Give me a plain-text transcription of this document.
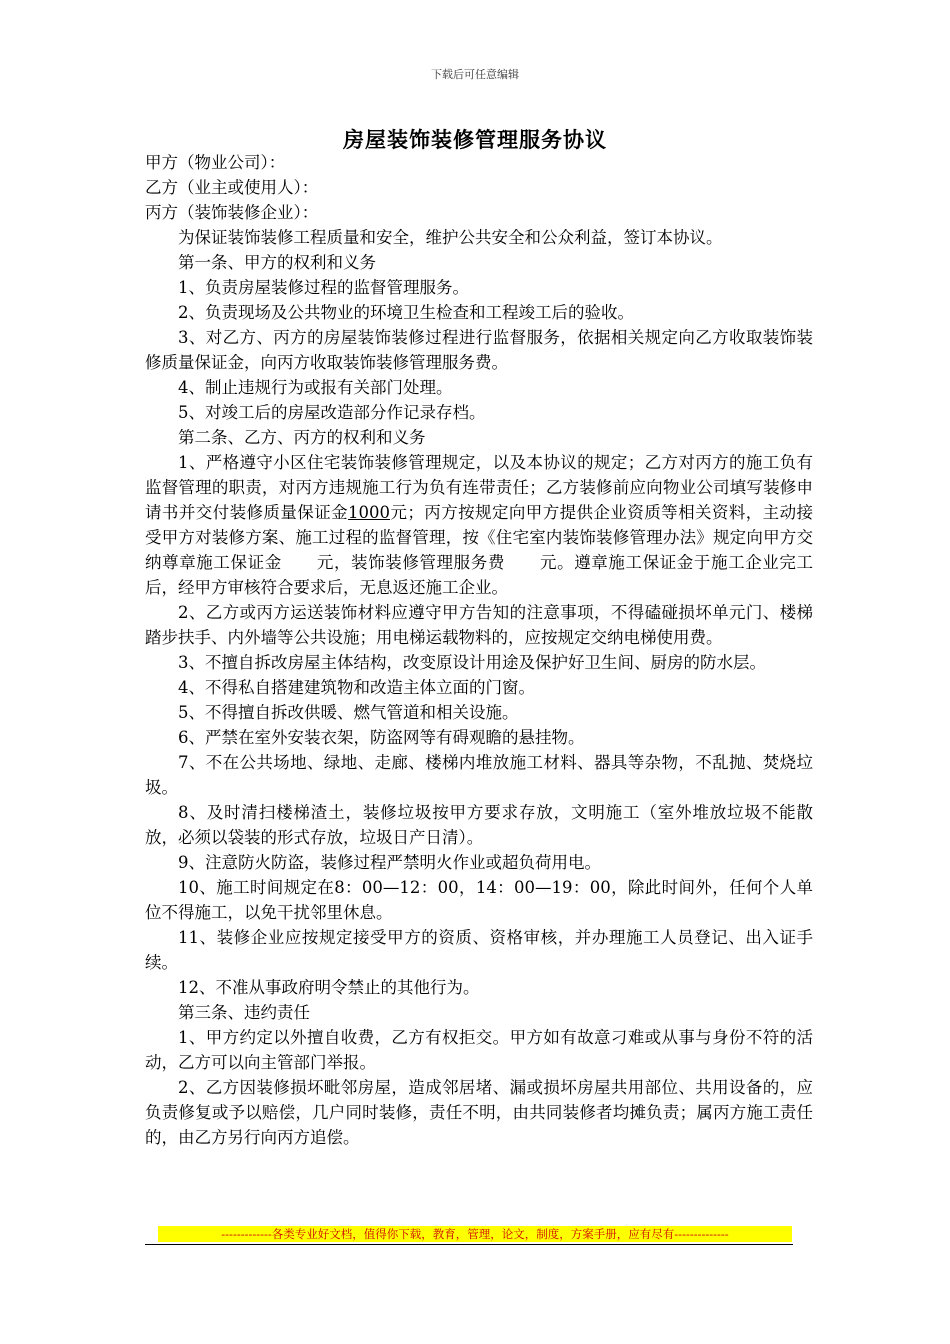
下载后可任意编辑
房屋装饰装修管理服务协议

甲方（物业公司）：

乙方（业主或使用人）：

丙方（装饰装修企业）：

为保证装饰装修工程质量和安全，维护公共安全和公众利益，签订本协议。

第一条、甲方的权利和义务

1、负责房屋装修过程的监督管理服务。

2、负责现场及公共物业的环境卫生检查和工程竣工后的验收。

3、对乙方、丙方的房屋装饰装修过程进行监督服务，依据相关规定向乙方收取装饰装修质量保证金，向丙方收取装饰装修管理服务费。

4、制止违规行为或报有关部门处理。

5、对竣工后的房屋改造部分作记录存档。

第二条、乙方、丙方的权利和义务

1、严格遵守小区住宅装饰装修管理规定，以及本协议的规定；乙方对丙方的施工负有监督管理的职责，对丙方违规施工行为负有连带责任；乙方装修前应向物业公司填写装修申请书并交付装修质量保证金1000元；丙方按规定向甲方提供企业资质等相关资料，主动接受甲方对装修方案、施工过程的监督管理，按《住宅室内装饰装修管理办法》规定向甲方交纳尊章施工保证金 元，装饰装修管理服务费 元。遵章施工保证金于施工企业完工后，经甲方审核符合要求后，无息返还施工企业。

2、乙方或丙方运送装饰材料应遵守甲方告知的注意事项，不得磕碰损坏单元门、楼梯踏步扶手、内外墙等公共设施；用电梯运载物料的，应按规定交纳电梯使用费。

3、不擅自拆改房屋主体结构，改变原设计用途及保护好卫生间、厨房的防水层。

4、不得私自搭建建筑物和改造主体立面的门窗。

5、不得擅自拆改供暖、燃气管道和相关设施。

6、严禁在室外安装衣架，防盗网等有碍观瞻的悬挂物。

7、不在公共场地、绿地、走廊、楼梯内堆放施工材料、器具等杂物，不乱抛、焚烧垃圾。

8、及时清扫楼梯渣土，装修垃圾按甲方要求存放，文明施工（室外堆放垃圾不能散放，必须以袋装的形式存放，垃圾日产日清）。

9、注意防火防盗，装修过程严禁明火作业或超负荷用电。

10、施工时间规定在8：00—12：00，14：00—19：00，除此时间外，任何个人单位不得施工，以免干扰邻里休息。

11、装修企业应按规定接受甲方的资质、资格审核，并办理施工人员登记、出入证手续。

12、不准从事政府明令禁止的其他行为。

第三条、违约责任

1、甲方约定以外擅自收费，乙方有权拒交。甲方如有故意刁难或从事与身份不符的活动，乙方可以向主管部门举报。

2、乙方因装修损坏毗邻房屋，造成邻居堵、漏或损坏房屋共用部位、共用设备的，应负责修复或予以赔偿，几户同时装修，责任不明，由共同装修者均摊负责；属丙方施工责任的，由乙方另行向丙方追偿。

-------------各类专业好文档，值得你下载，教育，管理，论文，制度，方案手册，应有尽有--------------
